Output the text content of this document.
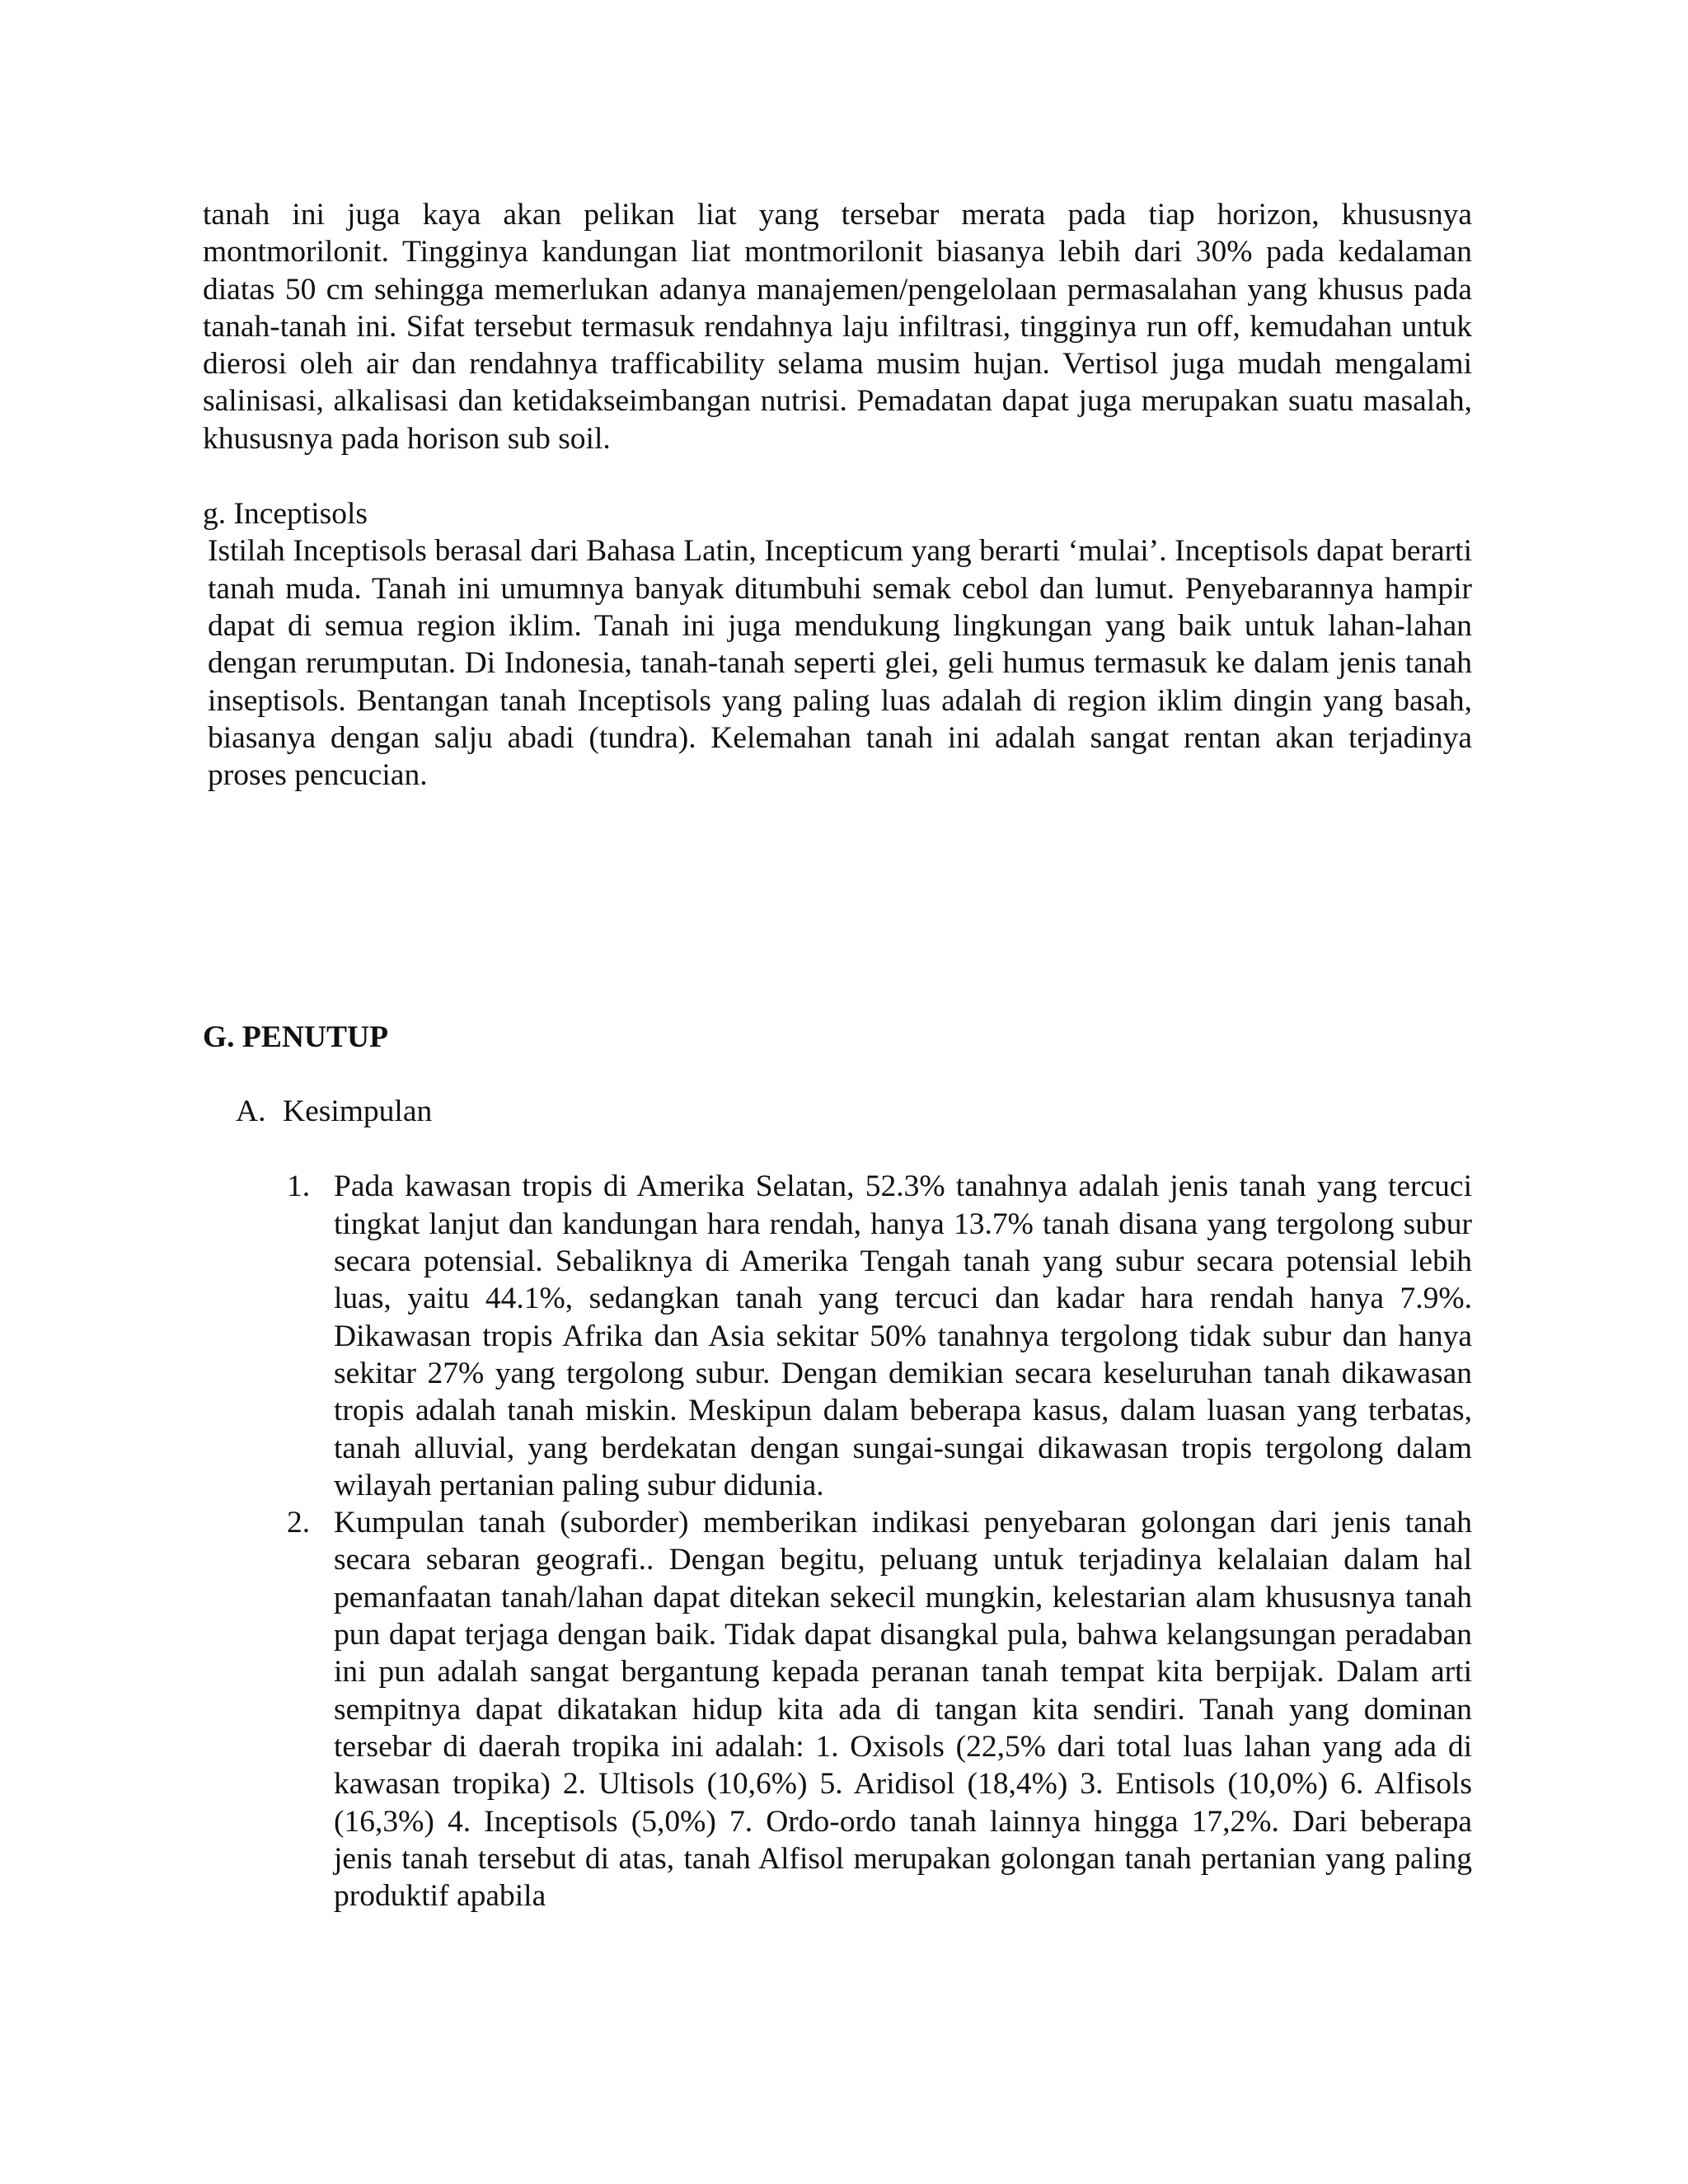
tanah ini juga kaya akan pelikan liat yang tersebar merata pada tiap horizon, khususnya montmorilonit. Tingginya kandungan liat montmorilonit biasanya lebih dari 30% pada kedalaman diatas 50 cm sehingga memerlukan adanya manajemen/pengelolaan permasalahan yang khusus pada tanah-tanah ini. Sifat tersebut termasuk rendahnya laju infiltrasi, tingginya run off, kemudahan untuk dierosi oleh air dan rendahnya trafficability selama musim hujan. Vertisol juga mudah mengalami salinisasi, alkalisasi dan ketidakseimbangan nutrisi. Pemadatan dapat juga merupakan suatu masalah, khususnya pada horison sub soil.

g. Inceptisols

Istilah Inceptisols berasal dari Bahasa Latin, Incepticum yang berarti ‘mulai’. Inceptisols dapat berarti tanah muda. Tanah ini umumnya banyak ditumbuhi semak cebol dan lumut. Penyebarannya hampir dapat di semua region iklim. Tanah ini juga mendukung lingkungan yang baik untuk lahan-lahan dengan rerumputan. Di Indonesia, tanah-tanah seperti glei, geli humus termasuk ke dalam jenis tanah inseptisols. Bentangan tanah Inceptisols yang paling luas adalah di region iklim dingin yang basah, biasanya dengan salju abadi (tundra). Kelemahan tanah ini adalah sangat rentan akan terjadinya proses pencucian.

G. PENUTUP
A. Kesimpulan
1. Pada kawasan tropis di Amerika Selatan, 52.3% tanahnya adalah jenis tanah yang tercuci tingkat lanjut dan kandungan hara rendah, hanya 13.7% tanah disana yang tergolong subur secara potensial. Sebaliknya di Amerika Tengah tanah yang subur secara potensial lebih luas, yaitu 44.1%, sedangkan tanah yang tercuci dan kadar hara rendah hanya 7.9%. Dikawasan tropis Afrika dan Asia sekitar 50% tanahnya tergolong tidak subur dan hanya sekitar 27% yang tergolong subur. Dengan demikian secara keseluruhan tanah dikawasan tropis adalah tanah miskin. Meskipun dalam beberapa kasus, dalam luasan yang terbatas, tanah alluvial, yang berdekatan dengan sungai-sungai dikawasan tropis tergolong dalam wilayah pertanian paling subur didunia.
2. Kumpulan tanah (suborder) memberikan indikasi penyebaran golongan dari jenis tanah secara sebaran geografi.. Dengan begitu, peluang untuk terjadinya kelalaian dalam hal pemanfaatan tanah/lahan dapat ditekan sekecil mungkin, kelestarian alam khususnya tanah pun dapat terjaga dengan baik. Tidak dapat disangkal pula, bahwa kelangsungan peradaban ini pun adalah sangat bergantung kepada peranan tanah tempat kita berpijak. Dalam arti sempitnya dapat dikatakan hidup kita ada di tangan kita sendiri. Tanah yang dominan tersebar di daerah tropika ini adalah: 1. Oxisols (22,5% dari total luas lahan yang ada di kawasan tropika) 2. Ultisols (10,6%) 5. Aridisol (18,4%) 3. Entisols (10,0%) 6. Alfisols (16,3%) 4. Inceptisols (5,0%) 7. Ordo-ordo tanah lainnya hingga 17,2%. Dari beberapa jenis tanah tersebut di atas, tanah Alfisol merupakan golongan tanah pertanian yang paling produktif apabila
